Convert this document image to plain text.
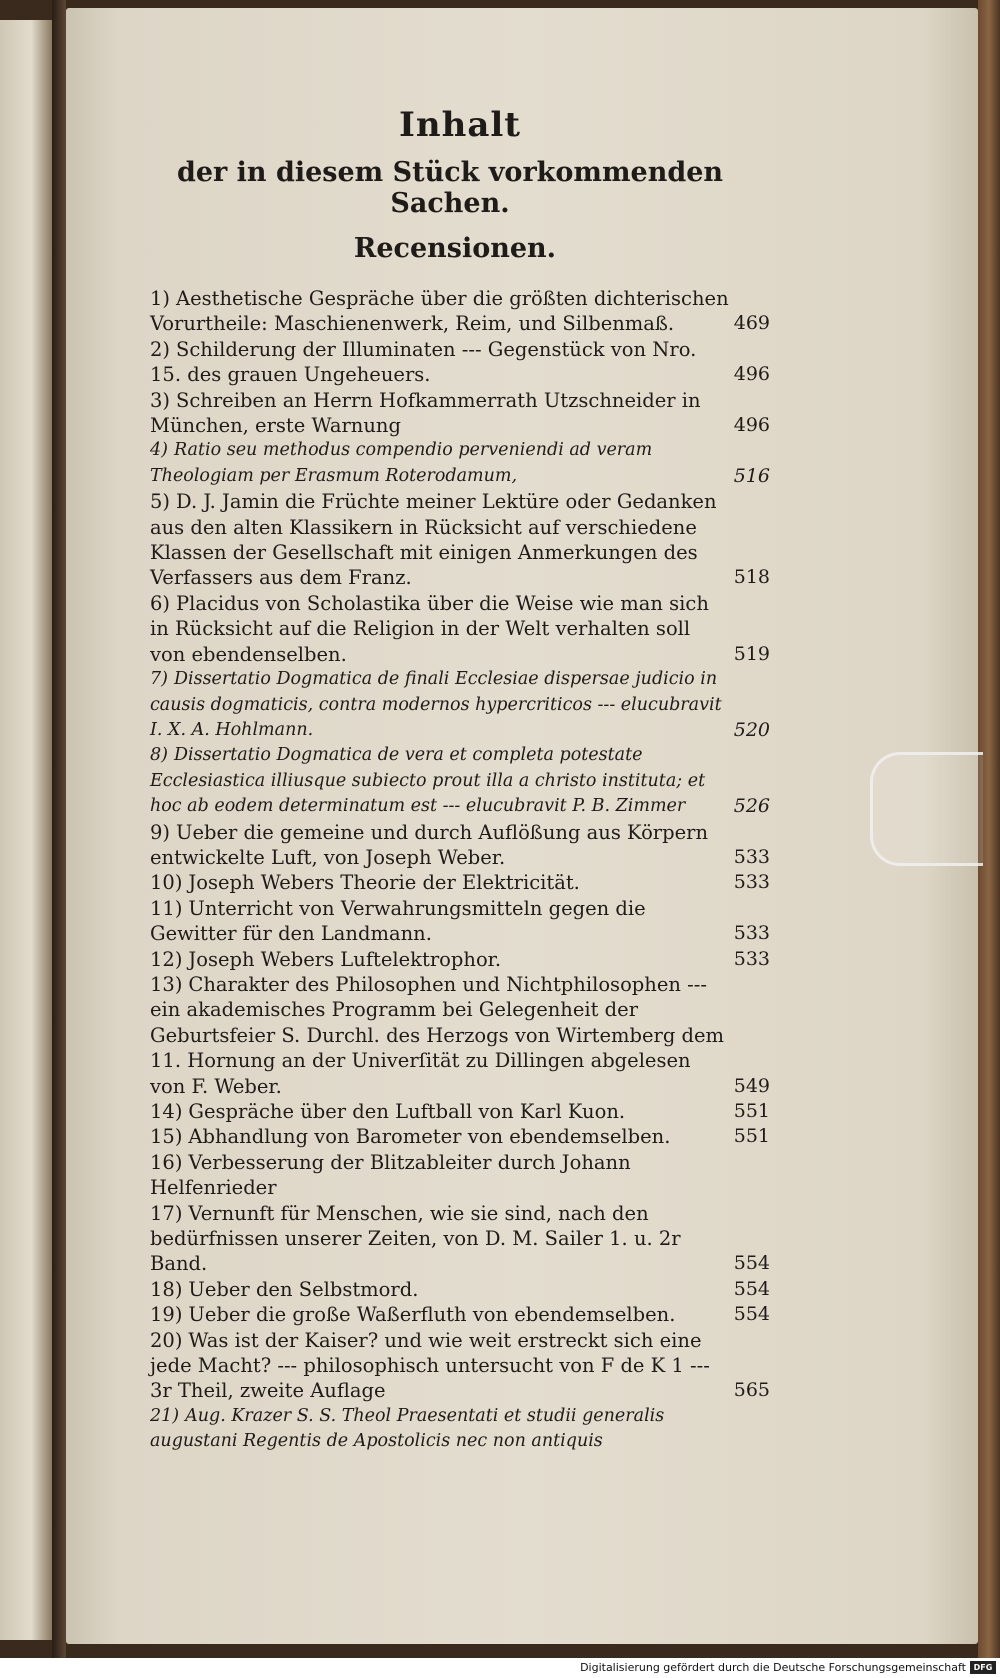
Inhalt
der in diesem Stück vorkommenden Sachen.
Recensionen.
1) Aesthetische Gespräche über die größten dichterischen Vorurtheile: Maschienenwerk, Reim, und Silbenmaß.	469
2) Schilderung der Illuminaten --- Gegenstück von Nro. 15. des grauen Ungeheuers.	496
3) Schreiben an Herrn Hofkammerrath Utzschneider in München, erste Warnung	496
4) Ratio seu methodus compendio perveniendi ad veram Theologiam per Erasmum Roterodamum,	516
5) D. J. Jamin die Früchte meiner Lektüre oder Gedanken aus den alten Klassikern in Rücksicht auf verschiedene Klassen der Gesellschaft mit einigen Anmerkungen des Verfassers aus dem Franz.	518
6) Placidus von Scholastika über die Weise wie man sich in Rücksicht auf die Religion in der Welt verhalten soll von ebendenselben.	519
7) Dissertatio Dogmatica de finali Ecclesiae dispersae judicio in causis dogmaticis, contra modernos hypercriticos --- elucubravit I. X. A. Hohlmann.	520
8) Dissertatio Dogmatica de vera et completa potestate Ecclesiastica illiusque subiecto prout illa a christo instituta; et hoc ab eodem determinatum est --- elucubravit P. B. Zimmer	526
9) Ueber die gemeine und durch Auflößung aus Körpern entwickelte Luft, von Joseph Weber.	533
10) Joseph Webers Theorie der Elektricität.	533
11) Unterricht von Verwahrungsmitteln gegen die Gewitter für den Landmann.	533
12) Joseph Webers Luftelektrophor.	533
13) Charakter des Philosophen und Nichtphilosophen --- ein akademisches Programm bei Gelegenheit der Geburtsfeier S. Durchl. des Herzogs von Wirtemberg dem 11. Hornung an der Univerſität zu Dillingen abgelesen von F. Weber.	549
14) Gespräche über den Luftball von Karl Kuon.	551
15) Abhandlung von Barometer von ebendemselben.	551
16) Verbesserung der Blitzableiter durch Johann Helfenrieder
17) Vernunft für Menschen, wie sie sind, nach den bedürfnissen unserer Zeiten, von D. M. Sailer 1. u. 2r Band.	554
18) Ueber den Selbstmord.	554
19) Ueber die große Waßerfluth von ebendemselben.	554
20) Was ist der Kaiser? und wie weit erstreckt sich eine jede Macht? --- philosophisch untersucht von F de K 1 --- 3r Theil, zweite Auflage	565
21) Aug. Krazer S. S. Theol Praesentati et studii generalis augustani Regentis de Apostolicis nec non antiquis
Digitalisierung gefördert durch die Deutsche Forschungsgemeinschaft DFG
